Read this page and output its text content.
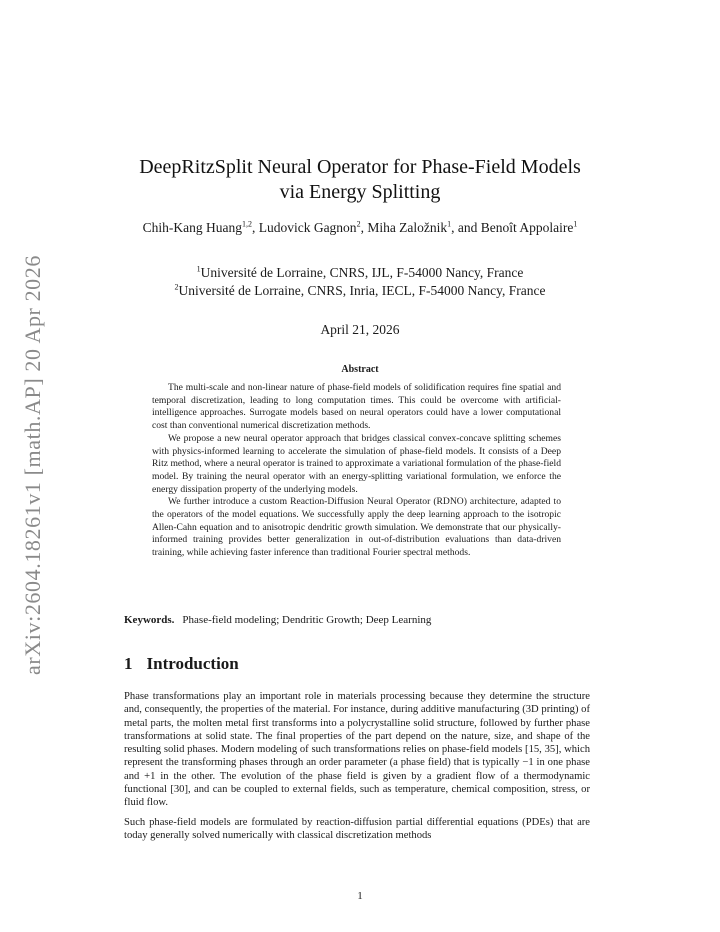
arXiv:2604.18261v1 [math.AP] 20 Apr 2026
DeepRitzSplit Neural Operator for Phase-Field Models
via Energy Splitting
Chih-Kang Huang$^{1,2}$, Ludovick Gagnon$^2$, Miha Založnik$^1$, and Benoît Appolaire$^1$
$^1$Université de Lorraine, CNRS, IJL, F-54000 Nancy, France
$^2$Université de Lorraine, CNRS, Inria, IECL, F-54000 Nancy, France
April 21, 2026
Abstract

The multi-scale and non-linear nature of phase-field models of solidification requires fine spatial and temporal discretization, leading to long computation times. This could be overcome with artificial-intelligence approaches. Surrogate models based on neural operators could have a lower computational cost than conventional numerical discretization methods.

We propose a new neural operator approach that bridges classical convex-concave splitting schemes with physics-informed learning to accelerate the simulation of phase-field models. It consists of a Deep Ritz method, where a neural operator is trained to approximate a variational formulation of the phase-field model. By training the neural operator with an energy-splitting variational formulation, we enforce the energy dissipation property of the underlying models.

We further introduce a custom Reaction-Diffusion Neural Operator (RDNO) architecture, adapted to the operators of the model equations. We successfully apply the deep learning approach to the isotropic Allen-Cahn equation and to anisotropic dendritic growth simulation. We demonstrate that our physically-informed training provides better generalization in out-of-distribution evaluations than data-driven training, while achieving faster inference than traditional Fourier spectral methods.

Keywords. Phase-field modeling; Dendritic Growth; Deep Learning
1 Introduction

Phase transformations play an important role in materials processing because they determine the structure and, consequently, the properties of the material. For instance, during additive manufacturing (3D printing) of metal parts, the molten metal first transforms into a polycrystalline solid structure, followed by further phase transformations at solid state. The final properties of the part depend on the nature, size, and shape of the resulting solid phases. Modern modeling of such transformations relies on phase-field models [15, 35], which represent the transforming phases through an order parameter (a phase field) that is typically −1 in one phase and +1 in the other. The evolution of the phase field is given by a gradient flow of a thermodynamic functional [30], and can be coupled to external fields, such as temperature, chemical composition, stress, or fluid flow.

Such phase-field models are formulated by reaction-diffusion partial differential equations (PDEs) that are today generally solved numerically with classical discretization methods

1
